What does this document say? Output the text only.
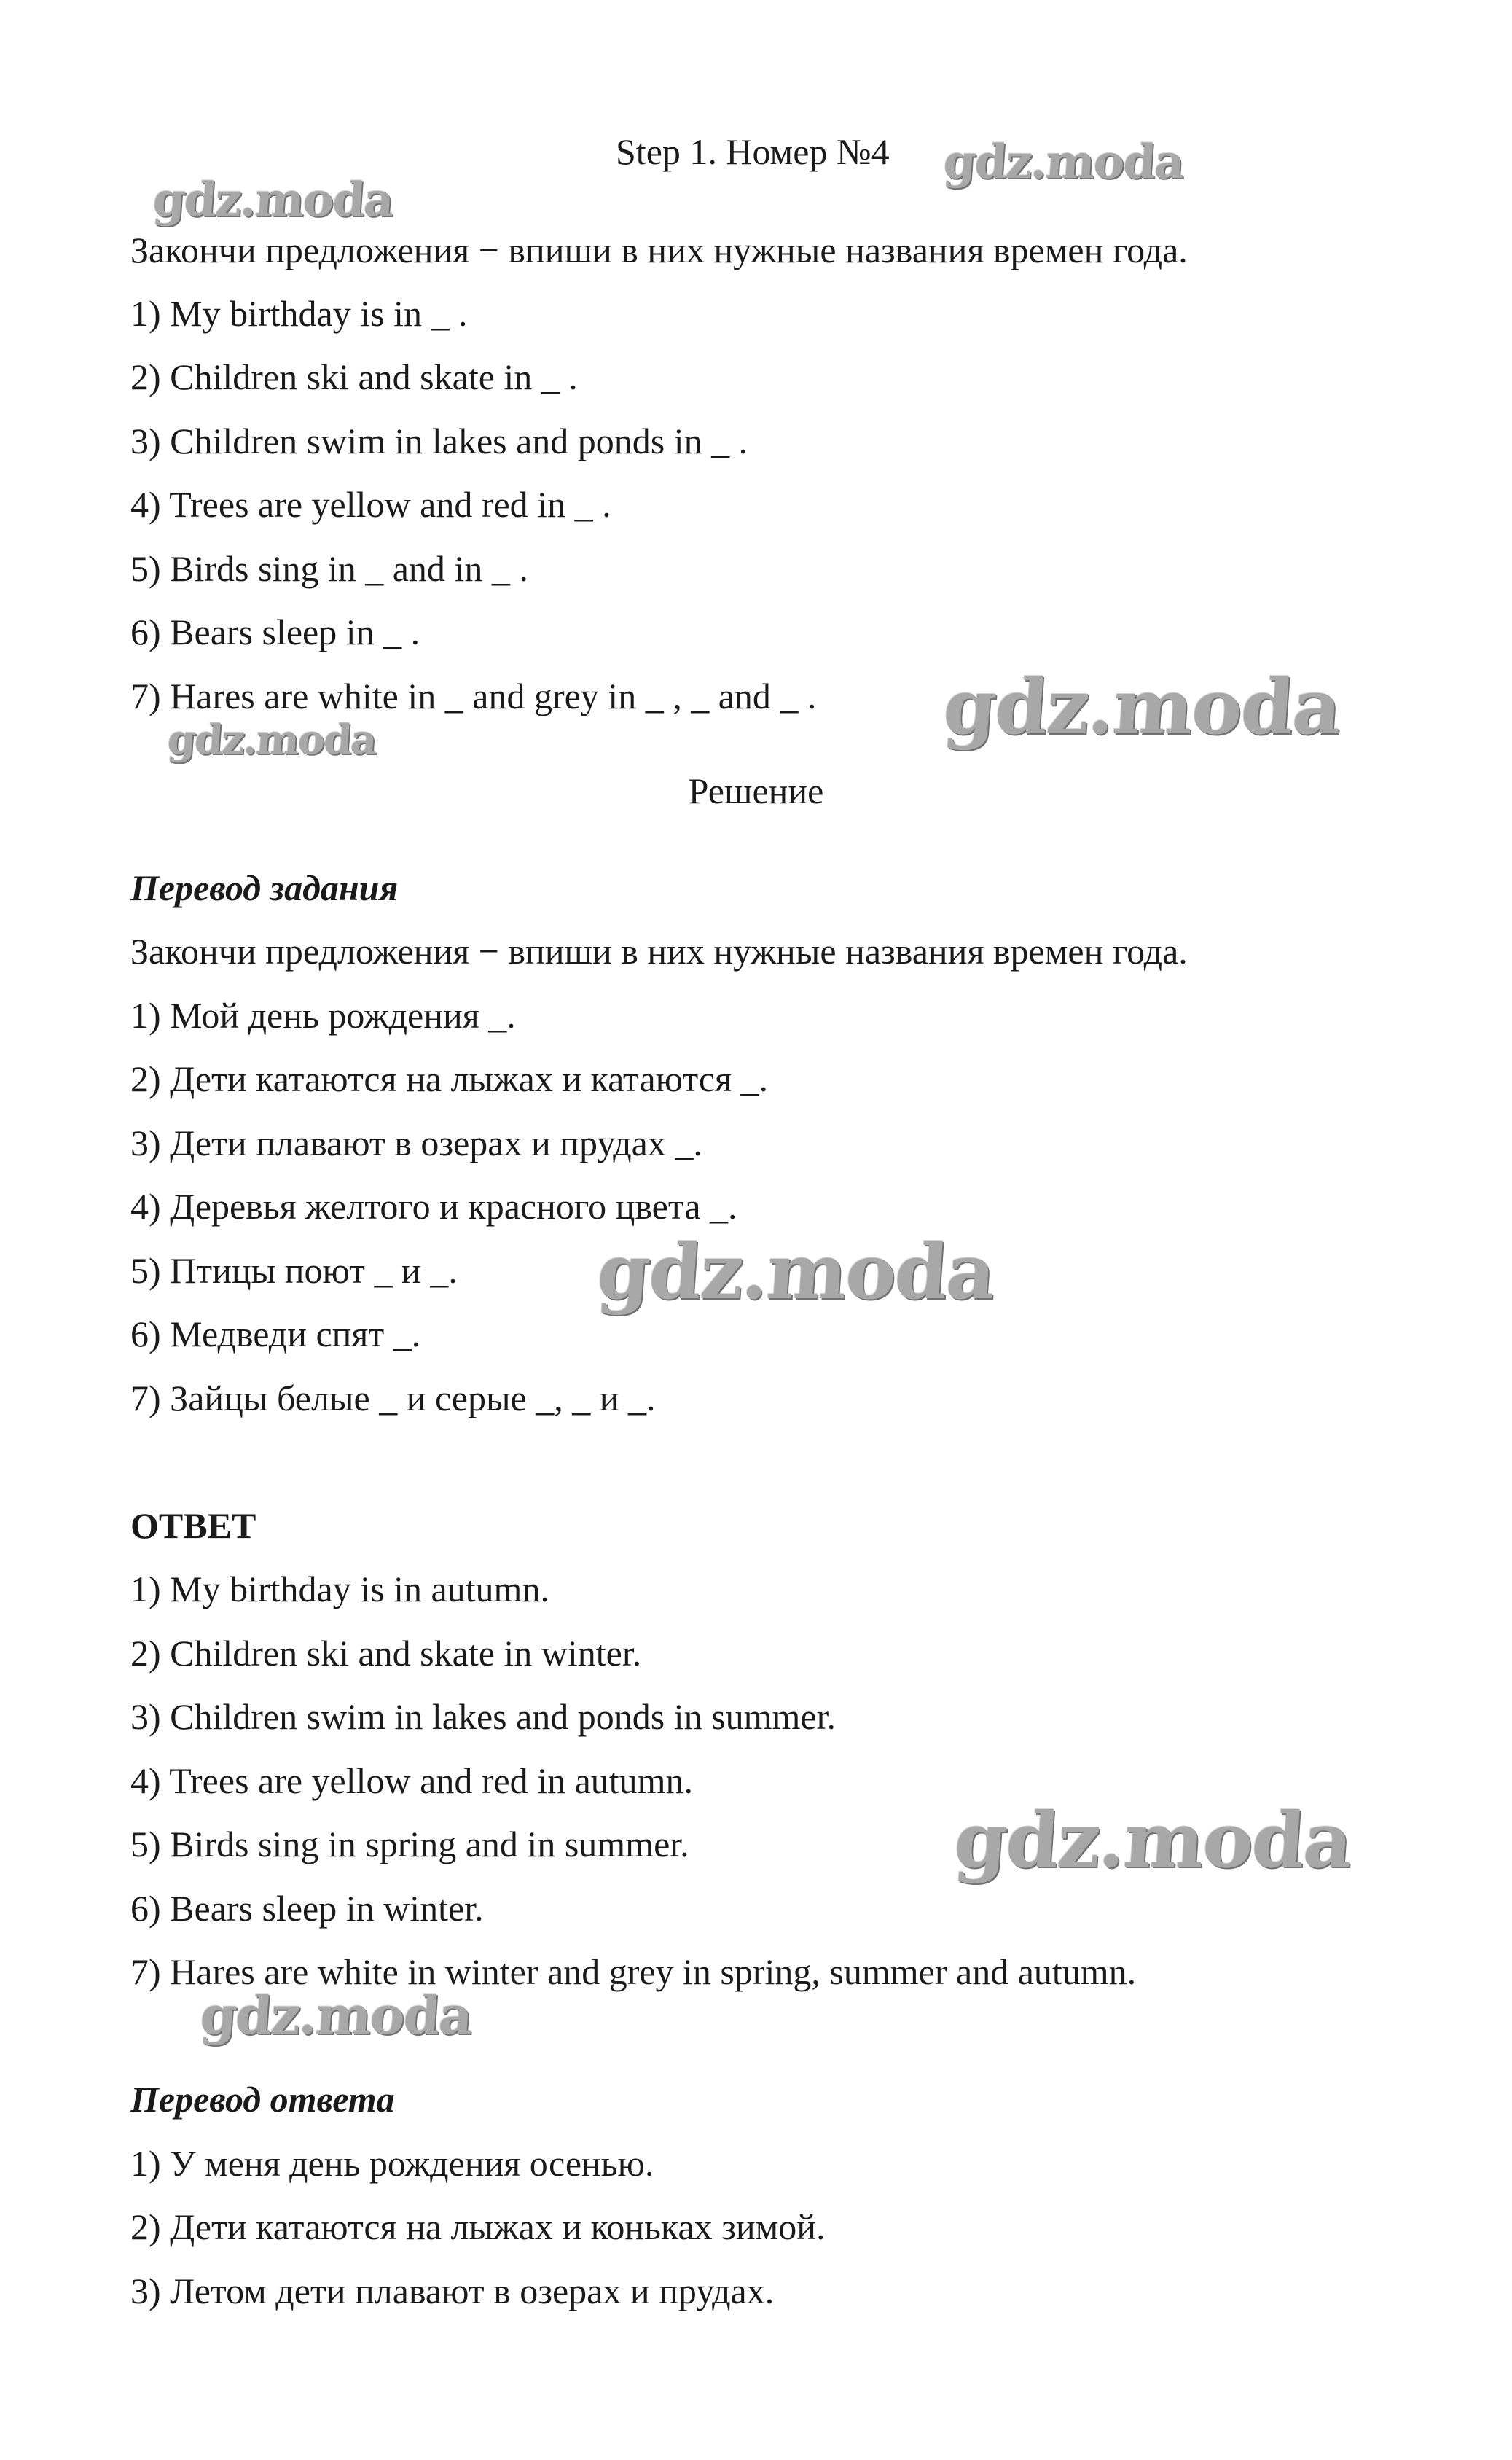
Step 1. Номер №4
Закончи предложения − впиши в них нужные названия времен года.
1) My birthday is in _ .
2) Children ski and skate in _ .
3) Children swim in lakes and ponds in _ .
4) Trees are yellow and red in _ .
5) Birds sing in _ and in _ .
6) Bears sleep in _ .
7) Hares are white in _ and grey in _ , _ and _ .
Решение
Перевод задания
Закончи предложения − впиши в них нужные названия времен года.
1) Мой день рождения _.
2) Дети катаются на лыжах и катаются _.
3) Дети плавают в озерах и прудах _.
4) Деревья желтого и красного цвета _.
5) Птицы поют _ и _.
6) Медведи спят _.
7) Зайцы белые _ и серые _, _ и _.
ОТВЕТ
1) My birthday is in autumn.
2) Children ski and skate in winter.
3) Children swim in lakes and ponds in summer.
4) Trees are yellow and red in autumn.
5) Birds sing in spring and in summer.
6) Bears sleep in winter.
7) Hares are white in winter and grey in spring, summer and autumn.
Перевод ответа
1) У меня день рождения осенью.
2) Дети катаются на лыжах и коньках зимой.
3) Летом дети плавают в озерах и прудах.
gdz.moda
gdz.moda
gdz.moda	gdz.moda
gdz.moda
gdz.moda
gdz.moda
